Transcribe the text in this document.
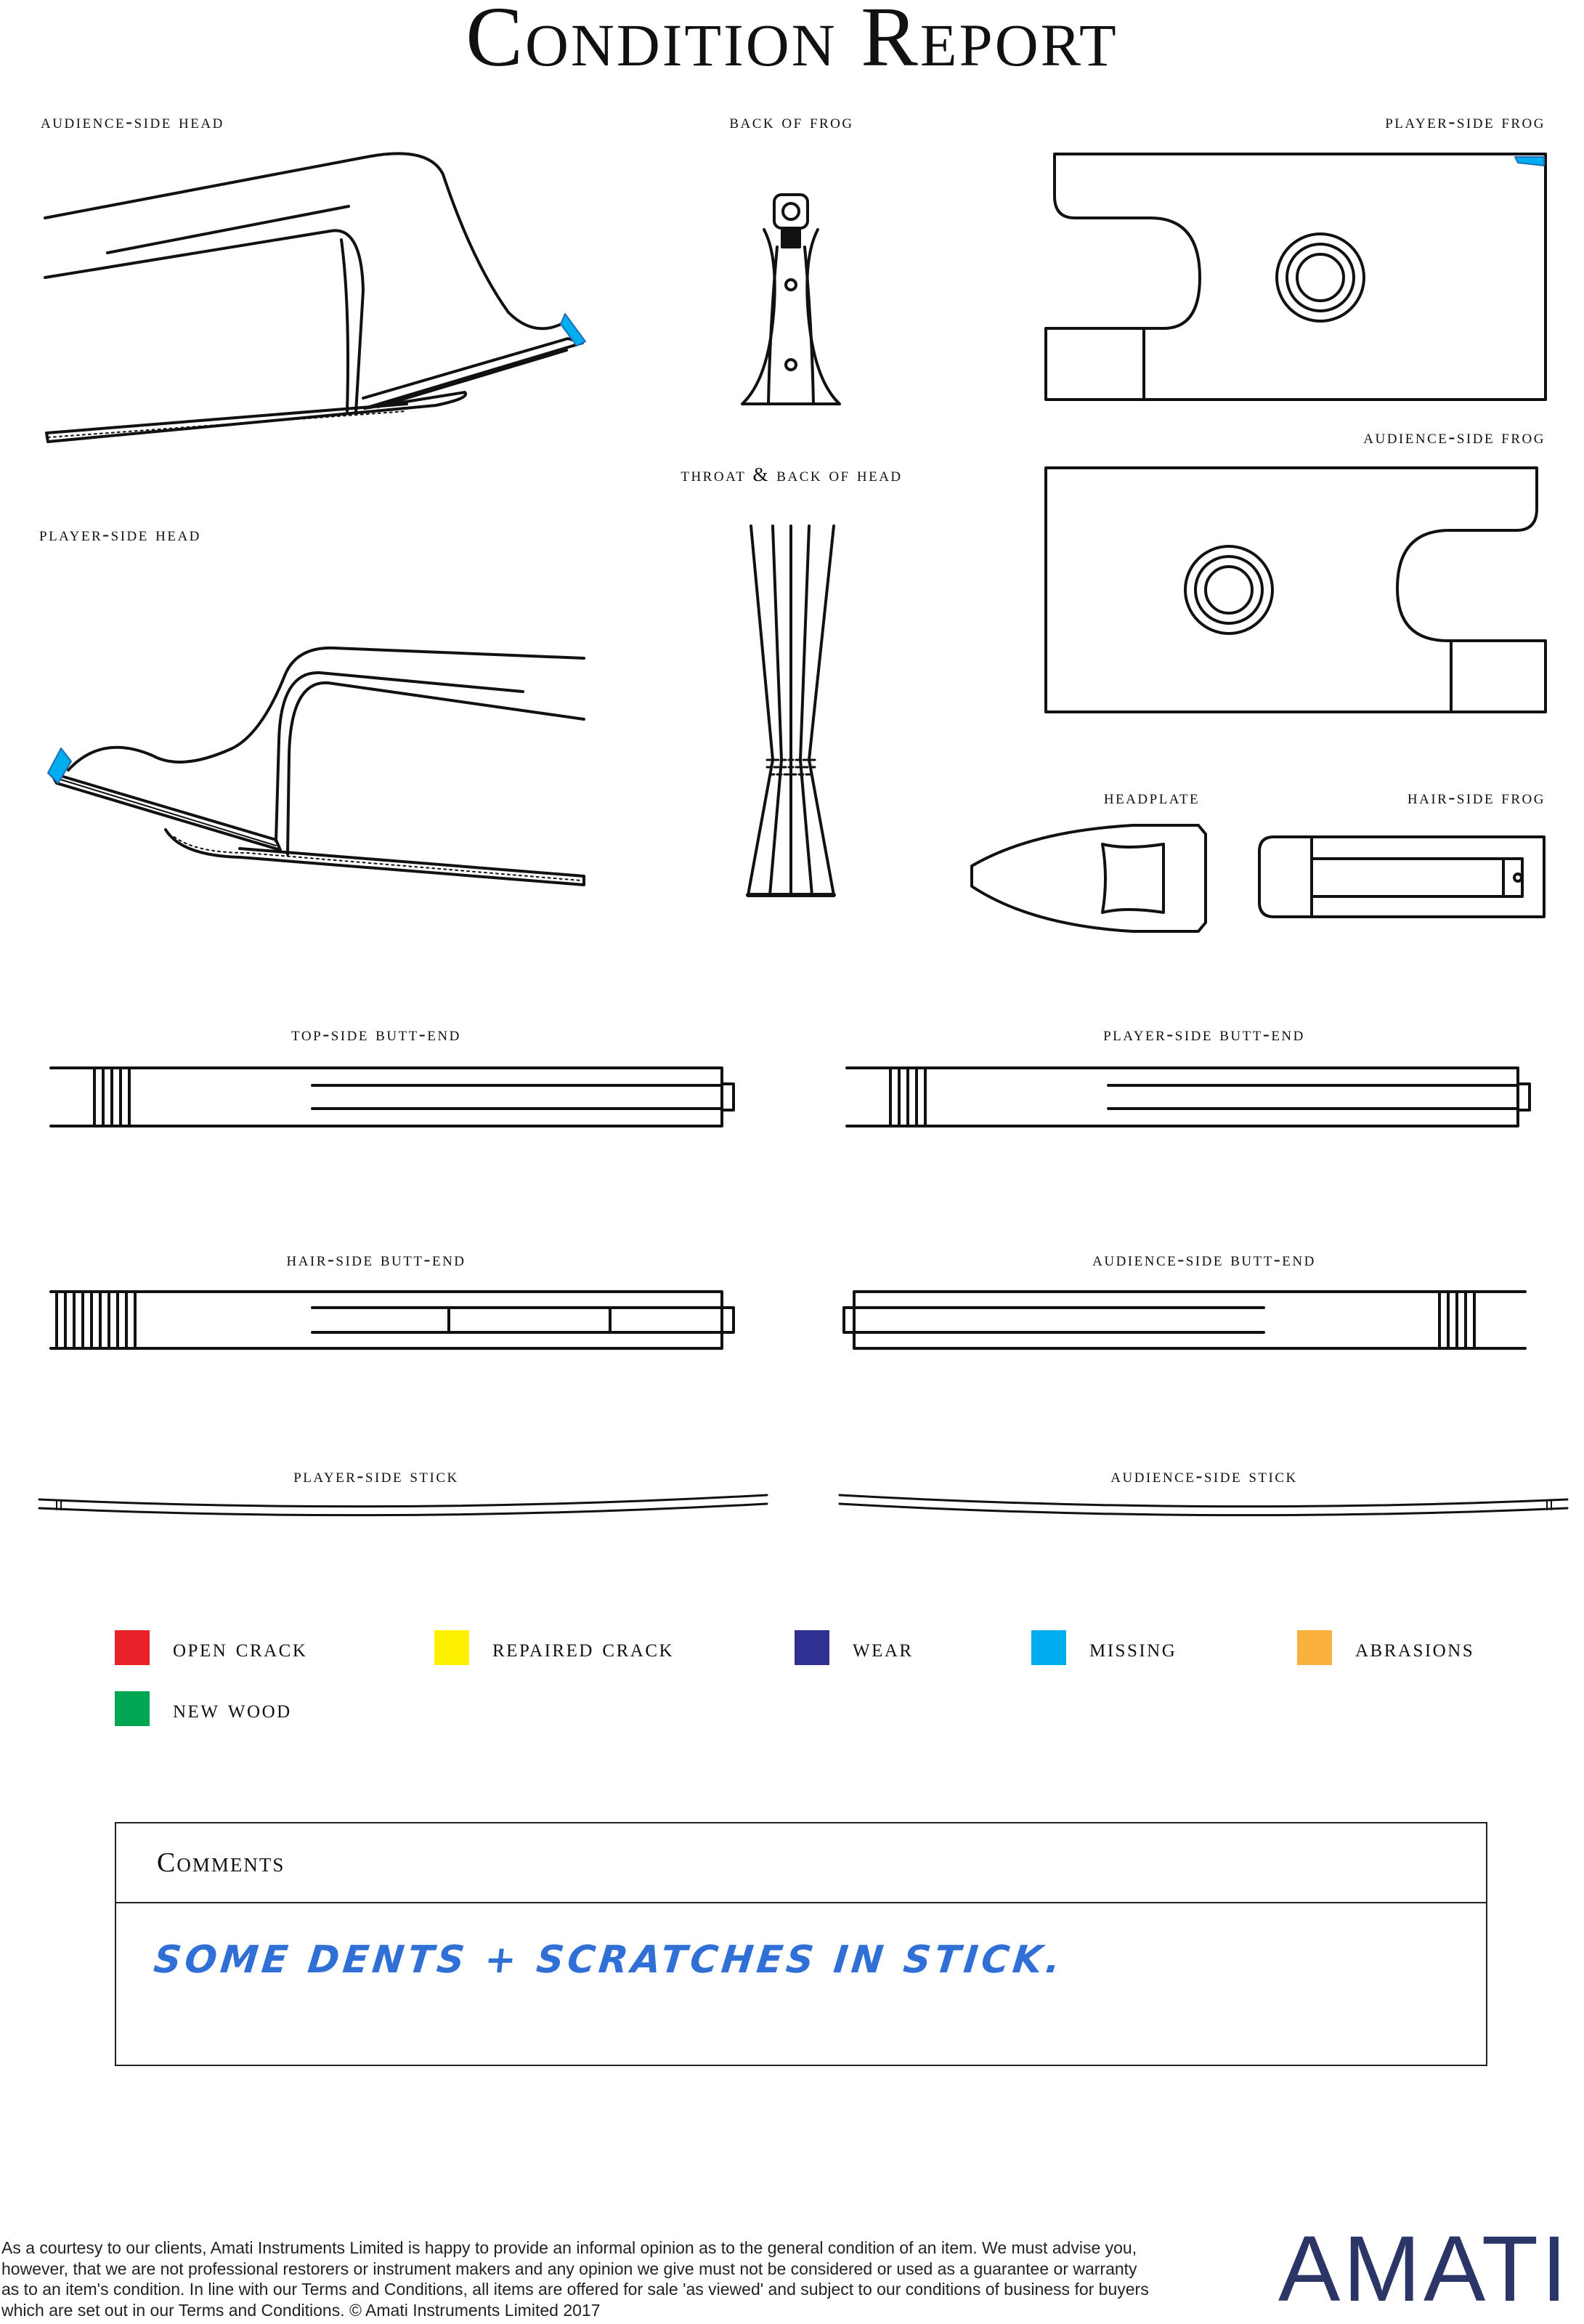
Condition Report
audience-side head	back of frog	player-side frog
audience-side frog
throat & back of head
player-side head
headplate	hair-side frog
top-side butt-end	player-side butt-end
hair-side butt-end	audience-side butt-end
player-side stick	audience-side stick
open crack	repaired crack	wear	missing	abrasions
new wood
Comments
SOME DENTS + SCRATCHES IN STICK.
As a courtesy to our clients, Amati Instruments Limited is happy to provide an informal opinion as to the general condition of an item. We must advise you, however, that we are not professional restorers or instrument makers and any opinion we give must not be considered or used as a guarantee or warranty as to an item's condition. In line with our Terms and Conditions, all items are offered for sale 'as viewed' and subject to our conditions of business for buyers which are set out in our Terms and Conditions. © Amati Instruments Limited 2017	AMATI
